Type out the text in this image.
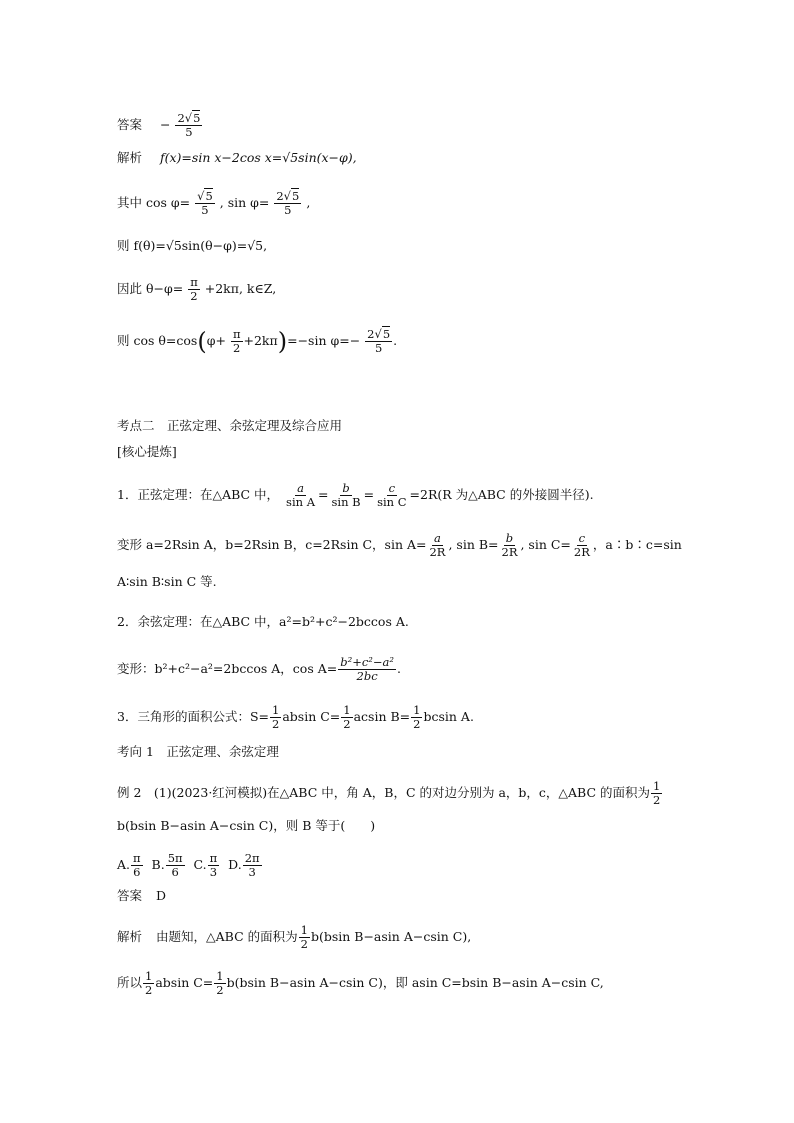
答案 − $\frac{2√5}{5}$
解析 f(x)=sin x−2cos x=√5sin(x−φ),
其中 $\cos \varphi= \frac{√5}{5}$ , $\sin \varphi= \frac{2√5}{5}$ ,
则 f(θ)=√5sin(θ−φ)=√5,
因此 $\theta-\varphi= \frac{\pi}{2} +2k\pi$, k∈Z,
则 $\cos \theta=\cos(\varphi+ \frac{\pi}{2} +2k\pi)=-\sin$ $\varphi=- \frac{2√5}{5}$ .
考点二　正弦定理、余弦定理及综合应用
[核心提炼]
1．正弦定理：在△ABC 中， $\frac{a}{\text{sin A}} = \frac{b}{\text{sin B}} = \frac{c}{\text{sin C}} =2R(R$ 为△ABC 的外接圆半径).
变形 a=2Rsin A，b=2Rsin B，c=2Rsin C，$\sin A= \frac{a}{2R}$ , $\sin B= \frac{b}{2R}$ , $\sin C= \frac{c}{2R}$ ，a∶b∶c=sin
A∶sin B∶sin C 等.
2．余弦定理：在△ABC 中，a²=b²+c²−2bccos A.
变形：b²+c²−a²=2bccos A，$\cos A= \frac{\text{b²+c²−a²}}{2bc}$ .
3．三角形的面积公式：$S= \frac{1}{2}$ absin $C= \frac{1}{2}$ acsin $B= \frac{1}{2}$ bcsin A.
考向 1　正弦定理、余弦定理
例 2　(1)(2023·红河模拟)在△ABC 中，角 A，B，C 的对边分别为 a，b，c，△ABC 的面积为 $\frac{1}{2}$
b(bsin B−asin A−csin C)，则 B 等于(　　)
A. $\frac{\pi}{6} B$. $\frac{5\pi}{6} C$. $\frac{\pi}{3} D$. $\frac{2\pi}{3}$
答案 D
解析 由题知，△ABC 的面积为 $\frac{1}{2} b(bsin$ B−asin A−csin C),
所以 $\frac{1}{2}$ absin $C= \frac{1}{2} b(bsin$ B−asin A−csin C)，即 asin C=bsin B−asin A−csin C,
